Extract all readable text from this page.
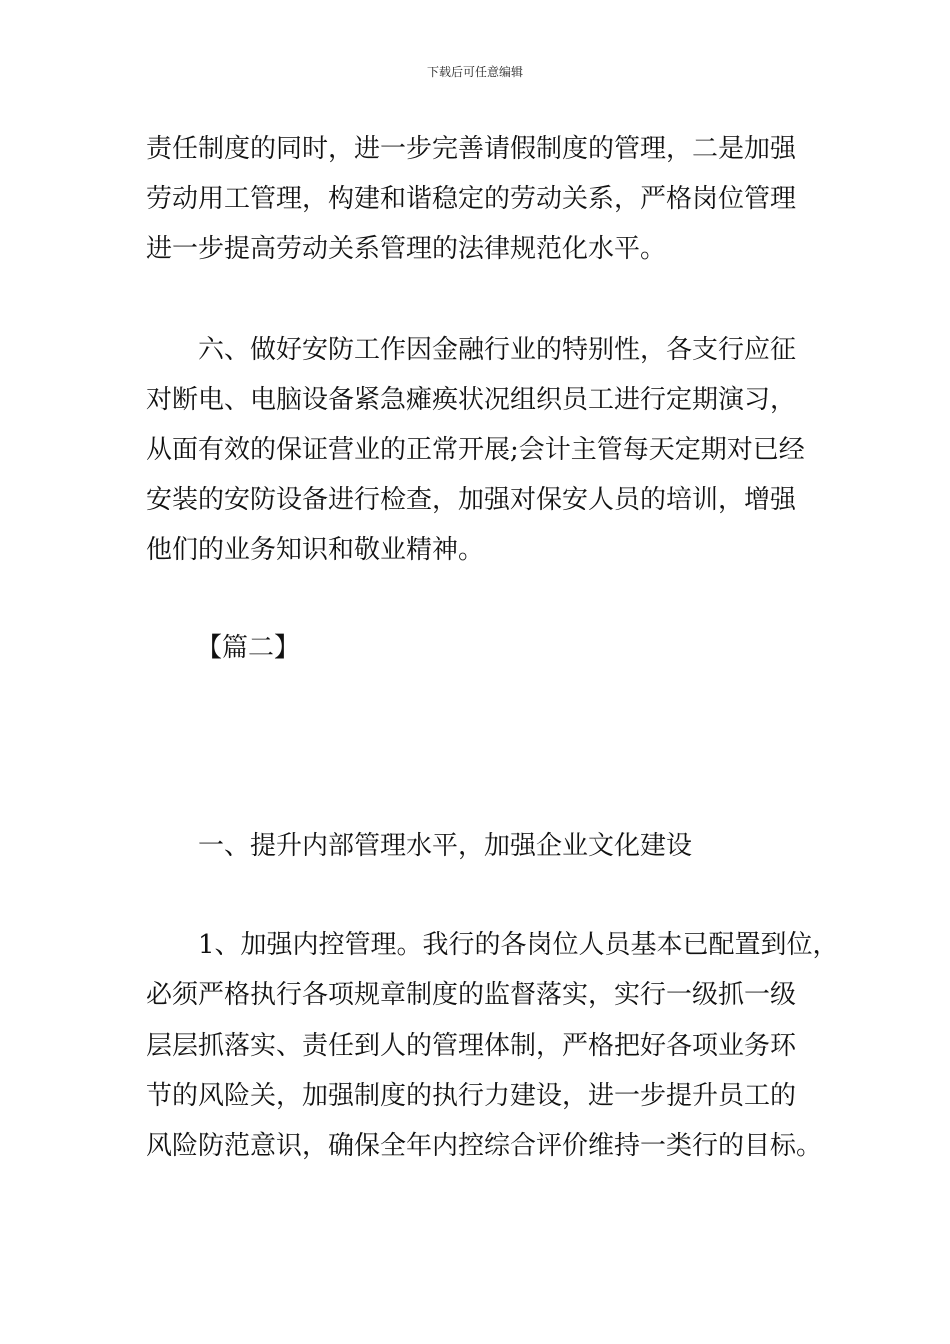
下载后可任意编辑
责任制度的同时，进一步完善请假制度的管理，二是加强
劳动用工管理，构建和谐稳定的劳动关系，严格岗位管理
进一步提高劳动关系管理的法律规范化水平。
六、做好安防工作因金融行业的特别性，各支行应征
对断电、电脑设备紧急瘫痪状况组织员工进行定期演习，
从面有效的保证营业的正常开展;会计主管每天定期对已经
安装的安防设备进行检查，加强对保安人员的培训，增强
他们的业务知识和敬业精神。
【篇二】
一、提升内部管理水平，加强企业文化建设
1、加强内控管理。我行的各岗位人员基本已配置到位，
必须严格执行各项规章制度的监督落实，实行一级抓一级
层层抓落实、责任到人的管理体制，严格把好各项业务环
节的风险关，加强制度的执行力建设，进一步提升员工的
风险防范意识，确保全年内控综合评价维持一类行的目标。
